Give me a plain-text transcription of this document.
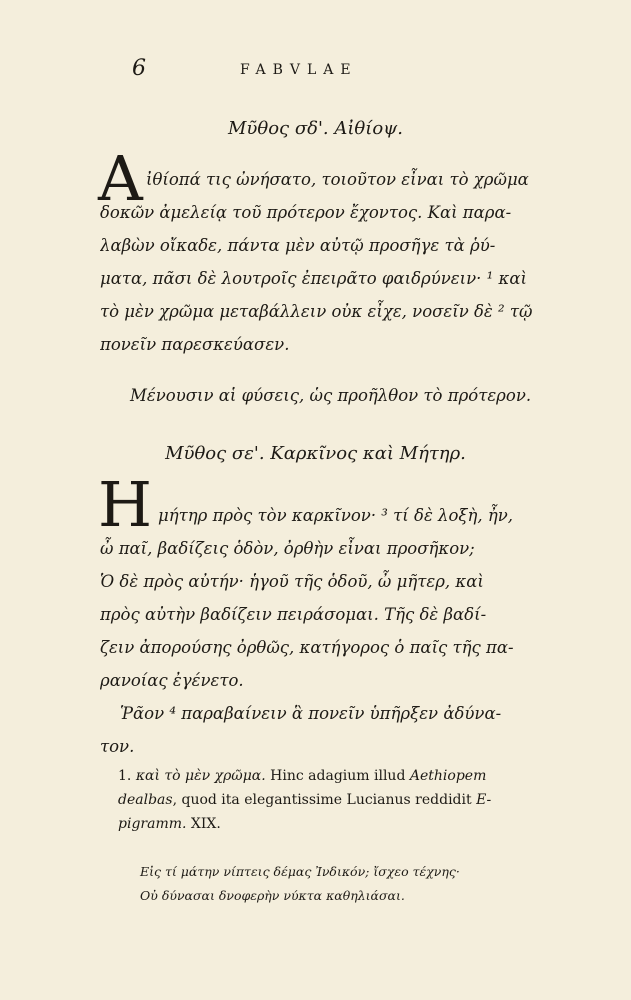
6	FABVLAE
Μῦθος σδ'. Αἰθίοψ.
Α ἰθίοπά τις ὠνήσατο, τοιοῦτον εἶναι τὸ χρῶμα
δοκῶν ἀμελείᾳ τοῦ πρότερον ἔχοντος. Καὶ παρα-
λαβὼν οἴκαδε, πάντα μὲν αὐτῷ προσῆγε τὰ ῥύ-
ματα, πᾶσι δὲ λουτροῖς ἐπειρᾶτο φαιδρύνειν· ¹ καὶ
τὸ μὲν χρῶμα μεταβάλλειν οὐκ εἶχε, νοσεῖν δὲ ² τῷ
πονεῖν παρεσκεύασεν.
Μένουσιν αἱ φύσεις, ὡς προῆλθον τὸ πρότερον.
Μῦθος σε'. Καρκῖνος καὶ Μήτηρ.
Η μήτηρ πρὸς τὸν καρκῖνον· ³ τί δὲ λοξὴ, ἦν,
ὦ παῖ, βαδίζεις ὁδὸν, ὀρθὴν εἶναι προσῆκον;
Ὁ δὲ πρὸς αὐτήν· ἡγοῦ τῆς ὁδοῦ, ὦ μῆτερ, καὶ
πρὸς αὐτὴν βαδίζειν πειράσομαι. Τῆς δὲ βαδί-
ζειν ἀπορούσης ὀρθῶς, κατήγορος ὁ παῖς τῆς πα-
ρανοίας ἐγένετο.
Ῥᾶον ⁴ παραβαίνειν ἃ πονεῖν ὑπῆρξεν ἀδύνα-
τον.
1. καὶ τὸ μὲν χρῶμα. Hinc adagium illud Aethiopem
dealbas, quod ita elegantissime Lucianus reddidit E-
pigramm. XIX.
Εἰς τί μάτην νίπτεις δέμας Ἰνδικόν; ἴσχεο τέχνης·
Οὐ δύνασαι δνοφερὴν νύκτα καθηλιάσαι.
